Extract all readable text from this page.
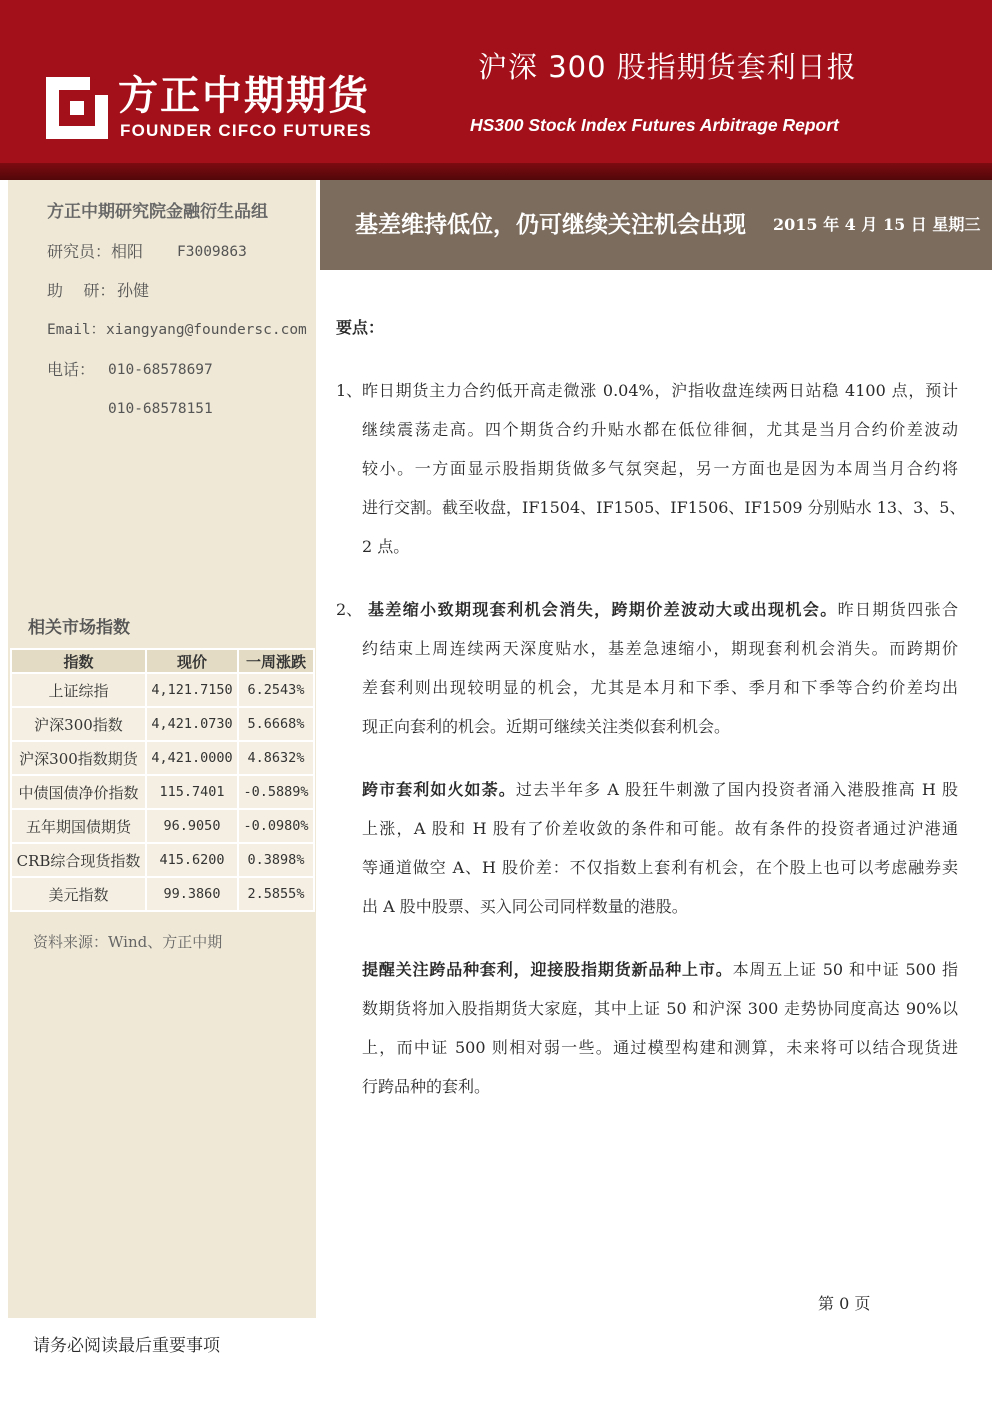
方正中期期货
FOUNDER CIFCO FUTURES
沪深 300 股指期货套利日报
HS300 Stock Index Futures Arbitrage Report
基差维持低位，仍可继续关注机会出现 2015 年 4 月 15 日 星期三
方正中期研究院金融衍生品组
研究员： 相阳 F3009863
助    研： 孙健
Email： xiangyang@foundersc.com
电话： 010-68578697
010-68578151
相关市场指数
指数	现价	一周涨跌
上证综指	4,121.7150	6.2543%
沪深300指数	4,421.0730	5.6668%
沪深300指数期货	4,421.0000	4.8632%
中债国债净价指数	115.7401	-0.5889%
五年期国债期货	96.9050	-0.0980%
CRB综合现货指数	415.6200	0.3898%
美元指数	99.3860	2.5855%
资料来源：Wind、方正中期
要点：
1、 昨日期货主力合约低开高走微涨 0.04%，沪指收盘连续两日站稳 4100 点，预计
继续震荡走高。四个期货合约升贴水都在低位徘徊，尤其是当月合约价差波动
较小。一方面显示股指期货做多气氛突起，另一方面也是因为本周当月合约将
进行交割。截至收盘，IF1504、IF1505、IF1506、IF1509 分别贴水 13、3、5、
2 点。
2、 基差缩小致期现套利机会消失，跨期价差波动大或出现机会。昨日期货四张合
约结束上周连续两天深度贴水，基差急速缩小，期现套利机会消失。而跨期价
差套利则出现较明显的机会，尤其是本月和下季、季月和下季等合约价差均出
现正向套利的机会。近期可继续关注类似套利机会。
跨市套利如火如荼。过去半年多 A 股狂牛刺激了国内投资者涌入港股推高 H 股
上涨，A 股和 H 股有了价差收敛的条件和可能。故有条件的投资者通过沪港通
等通道做空 A、H 股价差：不仅指数上套利有机会，在个股上也可以考虑融券卖
出 A 股中股票、买入同公司同样数量的港股。
提醒关注跨品种套利，迎接股指期货新品种上市。本周五上证 50 和中证 500 指
数期货将加入股指期货大家庭，其中上证 50 和沪深 300 走势协同度高达 90%以
上，而中证 500 则相对弱一些。通过模型构建和测算，未来将可以结合现货进
行跨品种的套利。
第 0 页
请务必阅读最后重要事项
